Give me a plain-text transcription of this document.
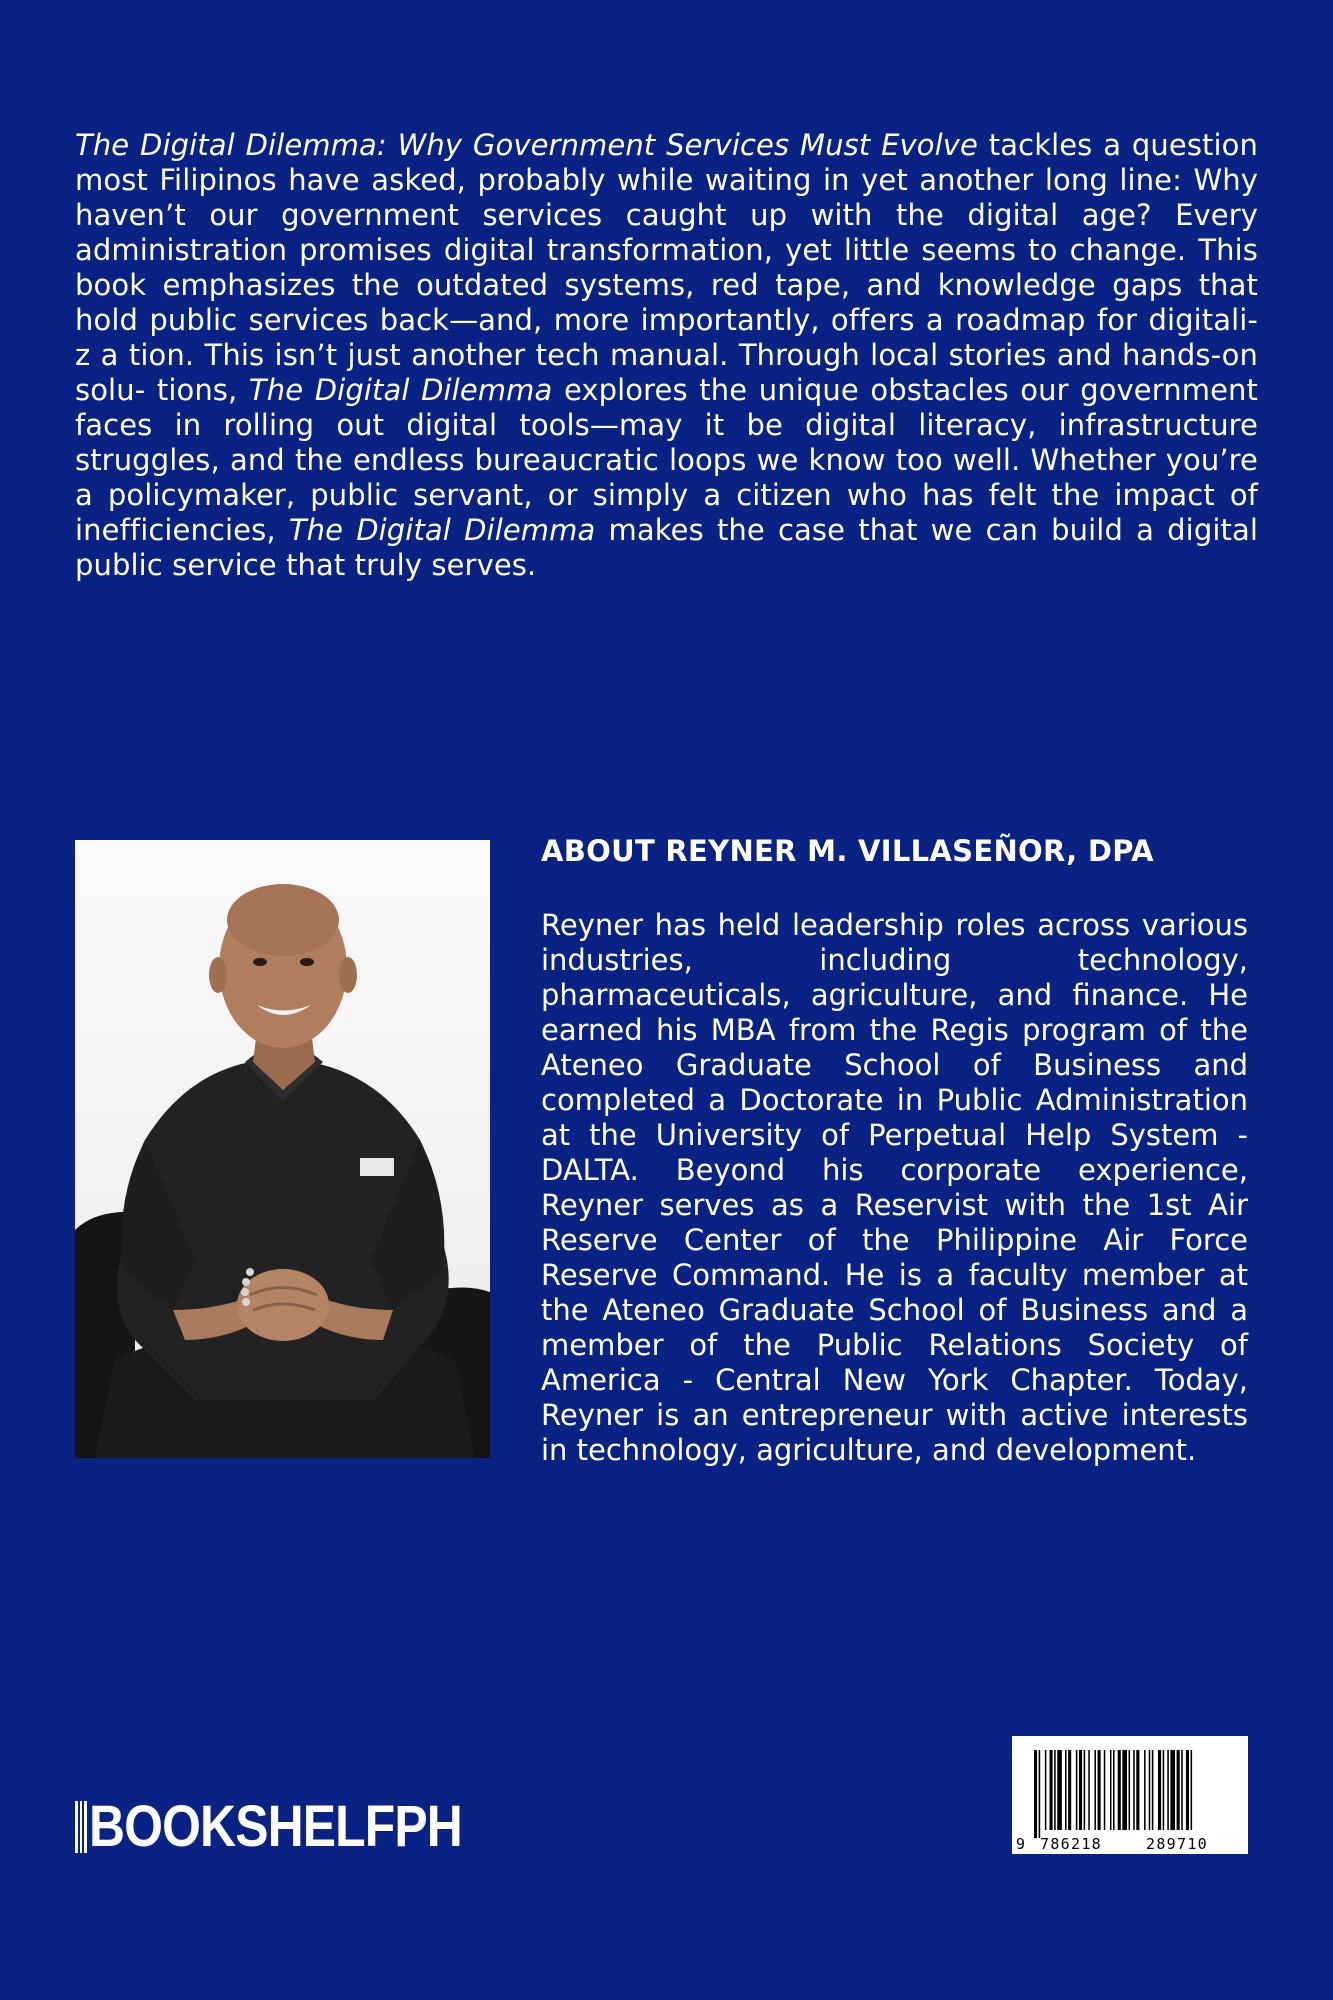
The Digital Dilemma: Why Government Services Must Evolve tackles a question most Filipinos have asked, probably while waiting in yet another long line: Why haven’t our government services caught up with the digital age? Every administration promises digital transformation, yet little seems to change. This book emphasizes the outdated systems, red tape, and knowledge gaps that hold public services back—and, more importantly, offers a roadmap for digitali- z a tion. This isn’t just another tech manual. Through local stories and hands-on solu- tions, The Digital Dilemma explores the unique obstacles our government faces in rolling out digital tools—may it be digital literacy, infrastructure struggles, and the endless bureaucratic loops we know too well. Whether you’re a policymaker, public servant, or simply a citizen who has felt the impact of inefficiencies, The Digital Dilemma makes the case that we can build a digital public service that truly serves.
ABOUT REYNER M. VILLASEÑOR, DPA
Reyner has held leadership roles across various industries, including technology, pharmaceuticals, agriculture, and finance. He earned his MBA from the Regis program of the Ateneo Graduate School of Business and completed a Doctorate in Public Administration at the University of Perpetual Help System - DALTA. Beyond his corporate experience, Reyner serves as a Reservist with the 1st Air Reserve Center of the Philippine Air Force Reserve Command. He is a faculty member at the Ateneo Graduate School of Business and a member of the Public Relations Society of America - Central New York Chapter. Today, Reyner is an entrepreneur with active interests in technology, agriculture, and development.
BOOKSHELFPH	9 786218	289710
